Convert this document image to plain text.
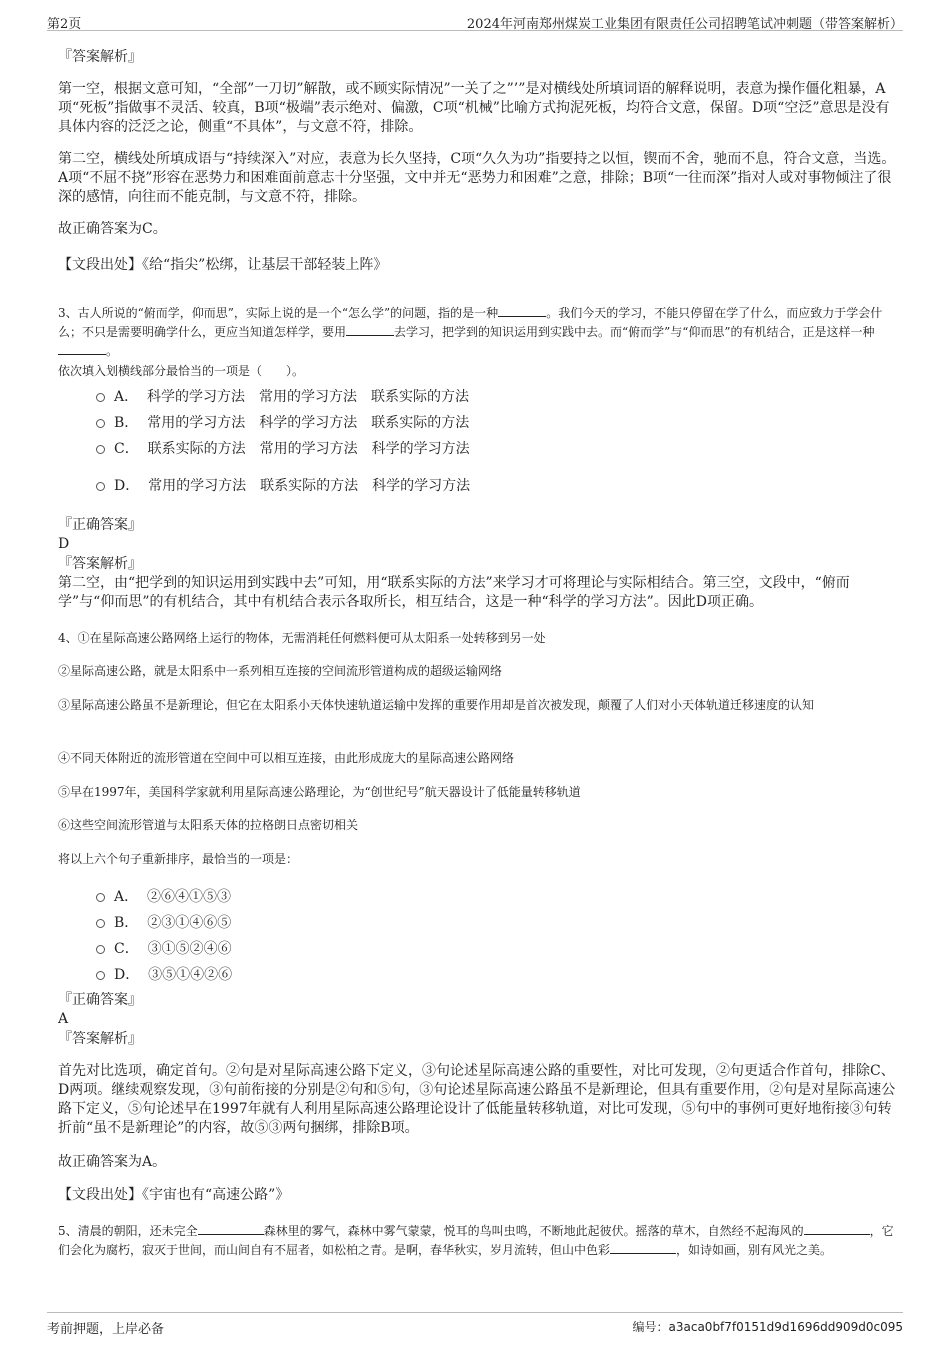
第2页	2024年河南郑州煤炭工业集团有限责任公司招聘笔试冲刺题（带答案解析）
『答案解析』

第一空，根据文意可知，“全部”一刀切”解散，或不顾实际情况”一关了之”’”是对横线处所填词语的解释说明，表意为操作僵化粗暴，A项“死板”指做事不灵活、较真，B项“极端”表示绝对、偏激，C项“机械”比喻方式拘泥死板，均符合文意，保留。D项“空泛”意思是没有具体内容的泛泛之论，侧重“不具体”，与文意不符，排除。

第二空，横线处所填成语与“持续深入”对应，表意为长久坚持，C项“久久为功”指要持之以恒，锲而不舍，驰而不息，符合文意，当选。A项“不屈不挠”形容在恶势力和困难面前意志十分坚强，文中并无“恶势力和困难”之意，排除；B项“一往而深”指对人或对事物倾注了很深的感情，向往而不能克制，与文意不符，排除。

故正确答案为C。
【文段出处】《给“指尖”松绑，让基层干部轻装上阵》

3、古人所说的“俯而学，仰而思”，实际上说的是一个“怎么学”的问题，指的是一种	。我们今天的学习，不能只停留在学了什么，而应致力于学会什么；不只是需要明确学什么，更应当知道怎样学，要用	去学习，把学到的知识运用到实践中去。而“俯而学”与“仰而思”的有机结合，正是这样一种。

依次填入划横线部分最恰当的一项是（　　）。
A． 科学的学习方法　常用的学习方法　联系实际的方法
B． 常用的学习方法　科学的学习方法　联系实际的方法
C． 联系实际的方法　常用的学习方法　科学的学习方法
D． 常用的学习方法　联系实际的方法　科学的学习方法
『正确答案』
D
『答案解析』

第二空，由“把学到的知识运用到实践中去”可知，用“联系实际的方法”来学习才可将理论与实际相结合。第三空，文段中，“俯而学”与“仰而思”的有机结合，其中有机结合表示各取所长，相互结合，这是一种“科学的学习方法”。因此D项正确。

4、①在星际高速公路网络上运行的物体，无需消耗任何燃料便可从太阳系一处转移到另一处
②星际高速公路，就是太阳系中一系列相互连接的空间流形管道构成的超级运输网络

③星际高速公路虽不是新理论，但它在太阳系小天体快速轨道运输中发挥的重要作用却是首次被发现，颠覆了人们对小天体轨道迁移速度的认知

④不同天体附近的流形管道在空间中可以相互连接，由此形成庞大的星际高速公路网络
⑤早在1997年，美国科学家就利用星际高速公路理论，为“创世纪号”航天器设计了低能量转移轨道
⑥这些空间流形管道与太阳系天体的拉格朗日点密切相关
将以上六个句子重新排序，最恰当的一项是：
A． ②⑥④①⑤③
B． ②③①④⑥⑤
C． ③①⑤②④⑥
D． ③⑤①④②⑥
『正确答案』
A
『答案解析』

首先对比选项，确定首句。②句是对星际高速公路下定义，③句论述星际高速公路的重要性，对比可发现，②句更适合作首句，排除C、D两项。继续观察发现，③句前衔接的分别是②句和⑤句，③句论述星际高速公路虽不是新理论，但具有重要作用，②句是对星际高速公路下定义，⑤句论述早在1997年就有人利用星际高速公路理论设计了低能量转移轨道，对比可发现，⑤句中的事例可更好地衔接③句转折前“虽不是新理论”的内容，故⑤③两句捆绑，排除B项。

故正确答案为A。
【文段出处】《宇宙也有“高速公路”》

5、清晨的朝阳，还未完全	森林里的雾气，森林中雾气蒙蒙，悦耳的鸟叫虫鸣，不断地此起彼伏。摇落的草木，自然经不起海风的	，它们会化为腐朽，寂灭于世间，而山间自有不屈者，如松柏之青。是啊，春华秋实，岁月流转，但山中色彩	，如诗如画，别有风光之美。

考前押题，上岸必备	编号：a3aca0bf7f0151d9d1696dd909d0c095
